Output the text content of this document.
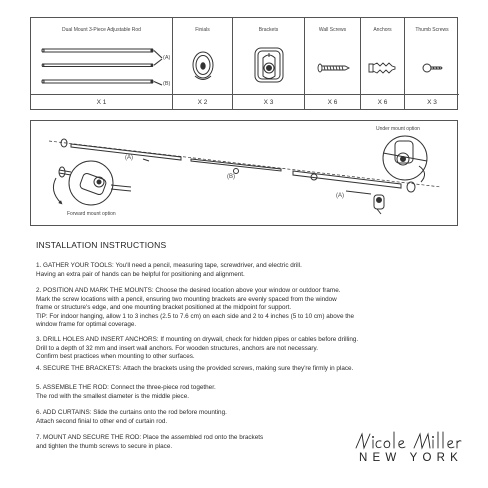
Dual Mount 3-Piece Adjustable Rod
(A)
(B)
X 1
Finials
X 2
Brackets
X 3
Wall Screws
X 6
Anchors
X 6
Thumb Screws
X 3
(A)
(B)
(A)
Under mount option
Forward mount option
INSTALLATION INSTRUCTIONS
1. GATHER YOUR TOOLS: You'll need a pencil, measuring tape, screwdriver, and electric drill.
Having an extra pair of hands can be helpful for positioning and alignment.
2. POSITION AND MARK THE MOUNTS: Choose the desired location above your window or outdoor frame.
Mark the screw locations with a pencil, ensuring two mounting brackets are evenly spaced from the window
frame or structure's edge, and one mounting bracket positioned at the midpoint for support.
TIP: For indoor hanging, allow 1 to 3 inches (2.5 to 7.6 cm) on each side and 2 to 4 inches (5 to 10 cm) above the
window frame for optimal coverage.
3. DRILL HOLES AND INSERT ANCHORS: If mounting on drywall, check for hidden pipes or cables before drilling.
Drill to a depth of 32 mm and insert wall anchors. For wooden structures, anchors are not necessary.
Confirm best practices when mounting to other surfaces.
4. SECURE THE BRACKETS: Attach the brackets using the provided screws, making sure they're firmly in place.
5. ASSEMBLE THE ROD: Connect the three-piece rod together.
The rod with the smallest diameter is the middle piece.
6. ADD CURTAINS: Slide the curtains onto the rod before mounting.
Attach second finial to other end of curtain rod.
7. MOUNT AND SECURE THE ROD: Place the assembled rod onto the brackets
and tighten the thumb screws to secure in place.
NEW YORK
